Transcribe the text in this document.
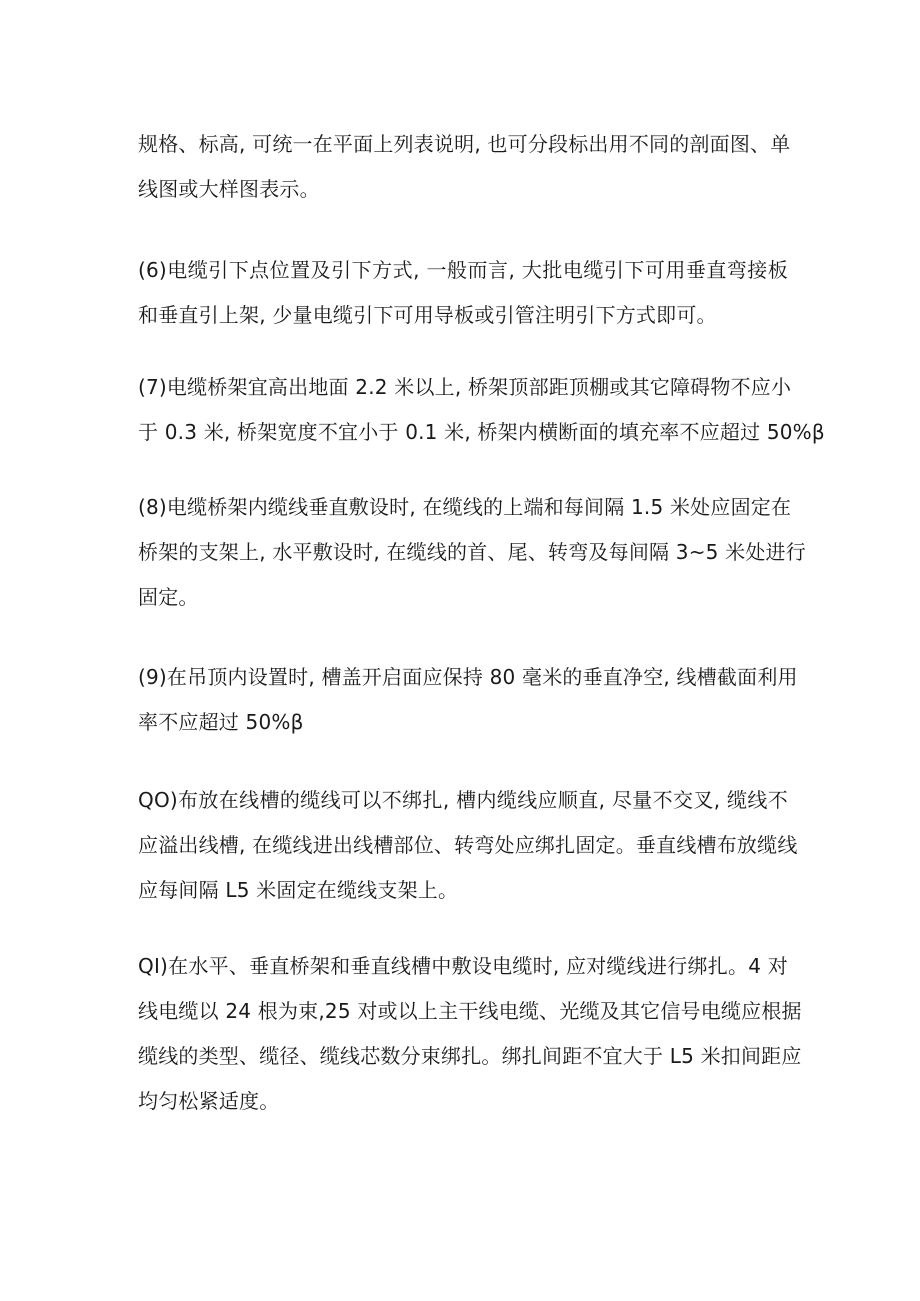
规格、标高, 可统一在平面上列表说明, 也可分段标出用不同的剖面图、单
线图或大样图表示。

(6)电缆引下点位置及引下方式, 一般而言, 大批电缆引下可用垂直弯接板
和垂直引上架, 少量电缆引下可用导板或引管注明引下方式即可。

(7)电缆桥架宜高出地面 2.2 米以上, 桥架顶部距顶棚或其它障碍物不应小
于 0.3 米, 桥架宽度不宜小于 0.1 米, 桥架内横断面的填充率不应超过 50%β

(8)电缆桥架内缆线垂直敷设时, 在缆线的上端和每间隔 1.5 米处应固定在
桥架的支架上, 水平敷设时, 在缆线的首、尾、转弯及每间隔 3~5 米处进行
固定。

(9)在吊顶内设置时, 槽盖开启面应保持 80 毫米的垂直净空, 线槽截面利用
率不应超过 50%β

QO)布放在线槽的缆线可以不绑扎, 槽内缆线应顺直, 尽量不交叉, 缆线不
应溢出线槽, 在缆线进出线槽部位、转弯处应绑扎固定。垂直线槽布放缆线
应每间隔 L5 米固定在缆线支架上。

QI)在水平、垂直桥架和垂直线槽中敷设电缆时, 应对缆线进行绑扎。4 对
线电缆以 24 根为束,25 对或以上主干线电缆、光缆及其它信号电缆应根据
缆线的类型、缆径、缆线芯数分束绑扎。绑扎间距不宜大于 L5 米扣间距应
均匀松紧适度。
